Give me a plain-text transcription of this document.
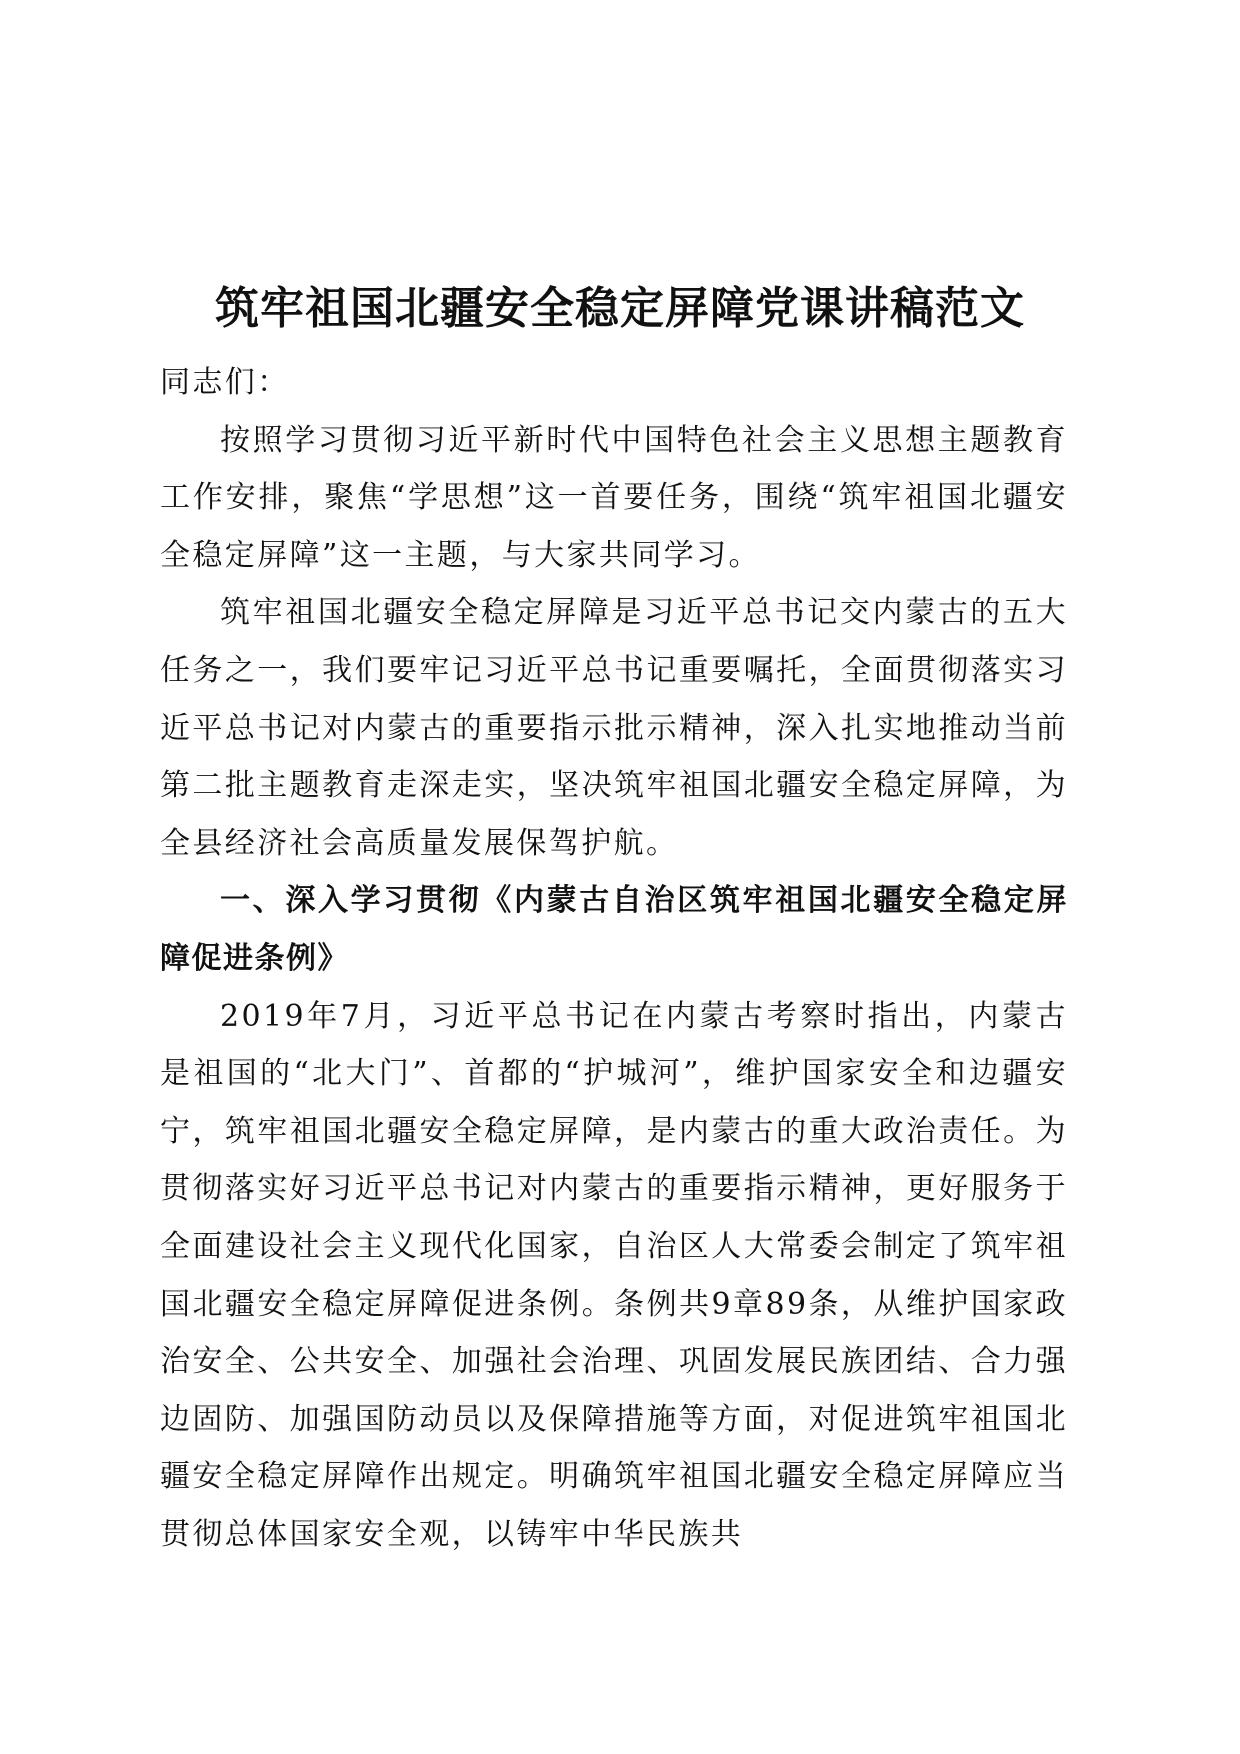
筑牢祖国北疆安全稳定屏障党课讲稿范文

同志们：

按照学习贯彻习近平新时代中国特色社会主义思想主题教育工作安排，聚焦“学思想”这一首要任务，围绕“筑牢祖国北疆安全稳定屏障”这一主题，与大家共同学习。

筑牢祖国北疆安全稳定屏障是习近平总书记交内蒙古的五大任务之一，我们要牢记习近平总书记重要嘱托，全面贯彻落实习近平总书记对内蒙古的重要指示批示精神，深入扎实地推动当前第二批主题教育走深走实，坚决筑牢祖国北疆安全稳定屏障，为全县经济社会高质量发展保驾护航。

一、深入学习贯彻《内蒙古自治区筑牢祖国北疆安全稳定屏障促进条例》

2019年7月，习近平总书记在内蒙古考察时指出，内蒙古是祖国的“北大门”、首都的“护城河”，维护国家安全和边疆安宁，筑牢祖国北疆安全稳定屏障，是内蒙古的重大政治责任。为贯彻落实好习近平总书记对内蒙古的重要指示精神，更好服务于全面建设社会主义现代化国家，自治区人大常委会制定了筑牢祖国北疆安全稳定屏障促进条例。条例共9章89条，从维护国家政治安全、公共安全、加强社会治理、巩固发展民族团结、合力强边固防、加强国防动员以及保障措施等方面，对促进筑牢祖国北疆安全稳定屏障作出规定。明确筑牢祖国北疆安全稳定屏障应当贯彻总体国家安全观，以铸牢中华民族共
